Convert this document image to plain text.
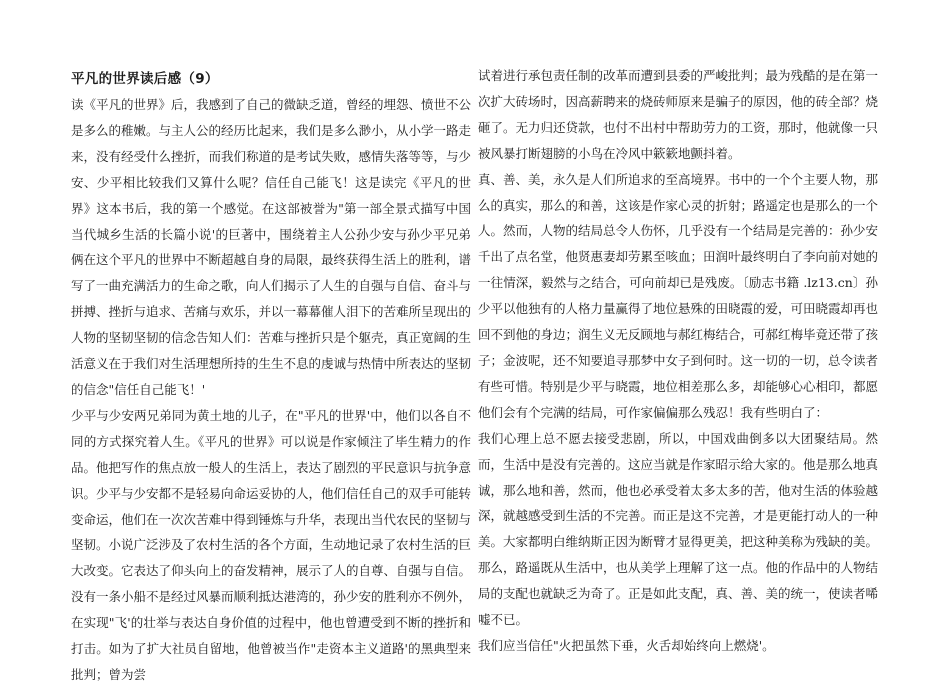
平凡的世界读后感（9）

读《平凡的世界》后，我感到了自己的微缺乏道，曾经的埋怨、愤世不公是多么的稚嫩。与主人公的经历比起来，我们是多么渺小，从小学一路走来，没有经受什么挫折，而我们称道的是考试失败，感情失落等等，与少安、少平相比较我们又算什么呢？信任自己能飞！这是读完《平凡的世界》这本书后，我的第一个感觉。在这部被誉为"第一部全景式描写中国当代城乡生活的长篇小说'的巨著中，围绕着主人公孙少安与孙少平兄弟俩在这个平凡的世界中不断超越自身的局限，最终获得生活上的胜利，谱写了一曲充满活力的生命之歌，向人们揭示了人生的自强与自信、奋斗与拼搏、挫折与追求、苦痛与欢乐，并以一幕幕催人泪下的苦难所呈现出的人物的坚韧坚韧的信念告知人们：苦难与挫折只是个躯壳，真正宽阔的生活意义在于我们对生活理想所持的生生不息的虔诚与热情中所表达的坚韧的信念"信任自己能飞！'

少平与少安两兄弟同为黄土地的儿子，在"平凡的世界'中，他们以各自不同的方式探究着人生。《平凡的世界》可以说是作家倾注了毕生精力的作品。他把写作的焦点放一般人的生活上，表达了剧烈的平民意识与抗争意识。少平与少安都不是轻易向命运妥协的人，他们信任自己的双手可能转变命运，他们在一次次苦难中得到锤炼与升华，表现出当代农民的坚韧与坚韧。小说广泛涉及了农村生活的各个方面，生动地记录了农村生活的巨大改变。它表达了仰头向上的奋发精神，展示了人的自尊、自强与自信。

没有一条小船不是经过风暴而顺利抵达港湾的，孙少安的胜利亦不例外，在实现"飞'的壮举与表达自身价值的过程中，他也曾遭受到不断的挫折和打击。如为了扩大社员自留地，他曾被当作"走资本主义道路'的黑典型来批判；曾为尝

试着进行承包责任制的改革而遭到县委的严峻批判；最为残酷的是在第一次扩大砖场时，因高薪聘来的烧砖师原来是骗子的原因，他的砖全部？烧砸了。无力归还贷款，也付不出村中帮助劳力的工资，那时，他就像一只被风暴打断翅膀的小鸟在冷风中簌簌地颤抖着。

真、善、美，永久是人们所追求的至高境界。书中的一个个主要人物，那么的真实，那么的和善，这该是作家心灵的折射；路遥定也是那么的一个人。然而，人物的结局总令人伤怀，几乎没有一个结局是完善的：孙少安千出了点名堂，他贤惠妻却劳累至咳血；田润叶最终明白了李向前对她的一往情深，毅然与之结合，可向前却已是残废。〔励志书籍 .lz13.cn〕孙少平以他独有的人格力量赢得了地位悬殊的田晓霞的爱，可田晓霞却再也回不到他的身边；润生义无反顾地与郝红梅结合，可郝红梅毕竟还带了孩子；金波呢，还不知要追寻那梦中女子到何时。这一切的一切，总令读者有些可惜。特别是少平与晓霞，地位相差那么多，却能够心心相印，都愿他们会有个完满的结局，可作家偏偏那么残忍！我有些明白了：

我们心理上总不愿去接受悲剧，所以，中国戏曲倒多以大团聚结局。然而，生活中是没有完善的。这应当就是作家昭示给大家的。他是那么地真诚，那么地和善，然而，他也必承受着太多太多的苦，他对生活的体验越深，就越感受到生活的不完善。而正是这不完善，才是更能打动人的一种美。大家都明白维纳斯正因为断臂才显得更美，把这种美称为残缺的美。那么，路遥既从生活中，也从美学上理解了这一点。他的作品中的人物结局的支配也就缺乏为奇了。正是如此支配，真、善、美的统一，使读者唏嘘不已。

我们应当信任"火把虽然下垂，火舌却始终向上燃烧'。
